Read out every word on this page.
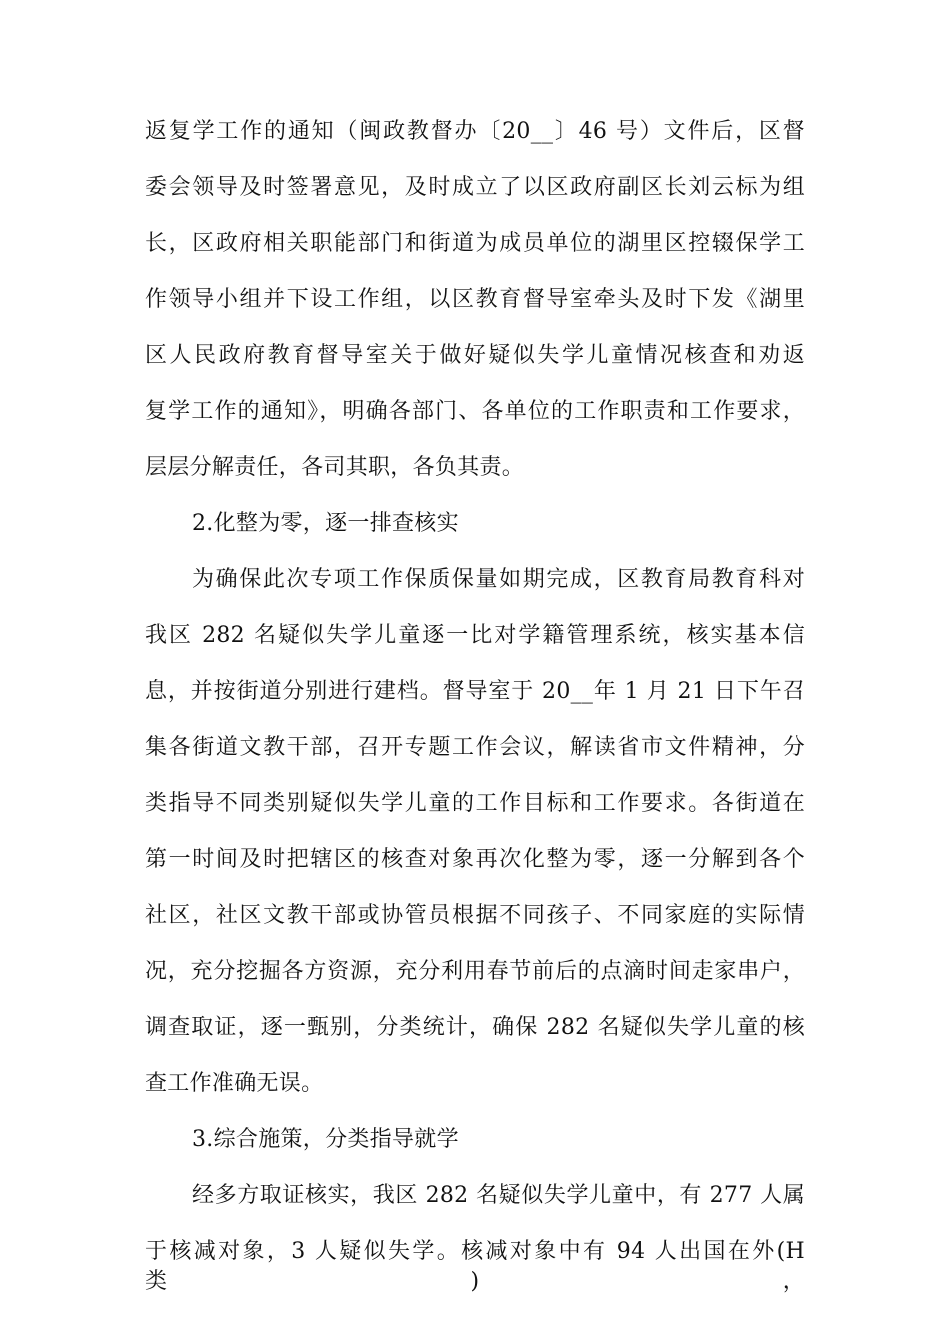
返复学工作的通知（闽政教督办〔20__〕46 号）文件后，区督

委会领导及时签署意见，及时成立了以区政府副区长刘云标为组

长，区政府相关职能部门和街道为成员单位的湖里区控辍保学工

作领导小组并下设工作组，以区教育督导室牵头及时下发《湖里

区人民政府教育督导室关于做好疑似失学儿童情况核查和劝返

复学工作的通知》，明确各部门、各单位的工作职责和工作要求，

层层分解责任，各司其职，各负其责。

2.化整为零，逐一排查核实

为确保此次专项工作保质保量如期完成，区教育局教育科对

我区 282 名疑似失学儿童逐一比对学籍管理系统，核实基本信

息，并按街道分别进行建档。督导室于 20__年 1 月 21 日下午召

集各街道文教干部，召开专题工作会议，解读省市文件精神，分

类指导不同类别疑似失学儿童的工作目标和工作要求。各街道在

第一时间及时把辖区的核查对象再次化整为零，逐一分解到各个

社区，社区文教干部或协管员根据不同孩子、不同家庭的实际情

况，充分挖掘各方资源，充分利用春节前后的点滴时间走家串户，

调查取证，逐一甄别，分类统计，确保 282 名疑似失学儿童的核

查工作准确无误。

3.综合施策，分类指导就学

经多方取证核实，我区 282 名疑似失学儿童中，有 277 人属

于核减对象，3 人疑似失学。核减对象中有 94 人出国在外(H 类)，
